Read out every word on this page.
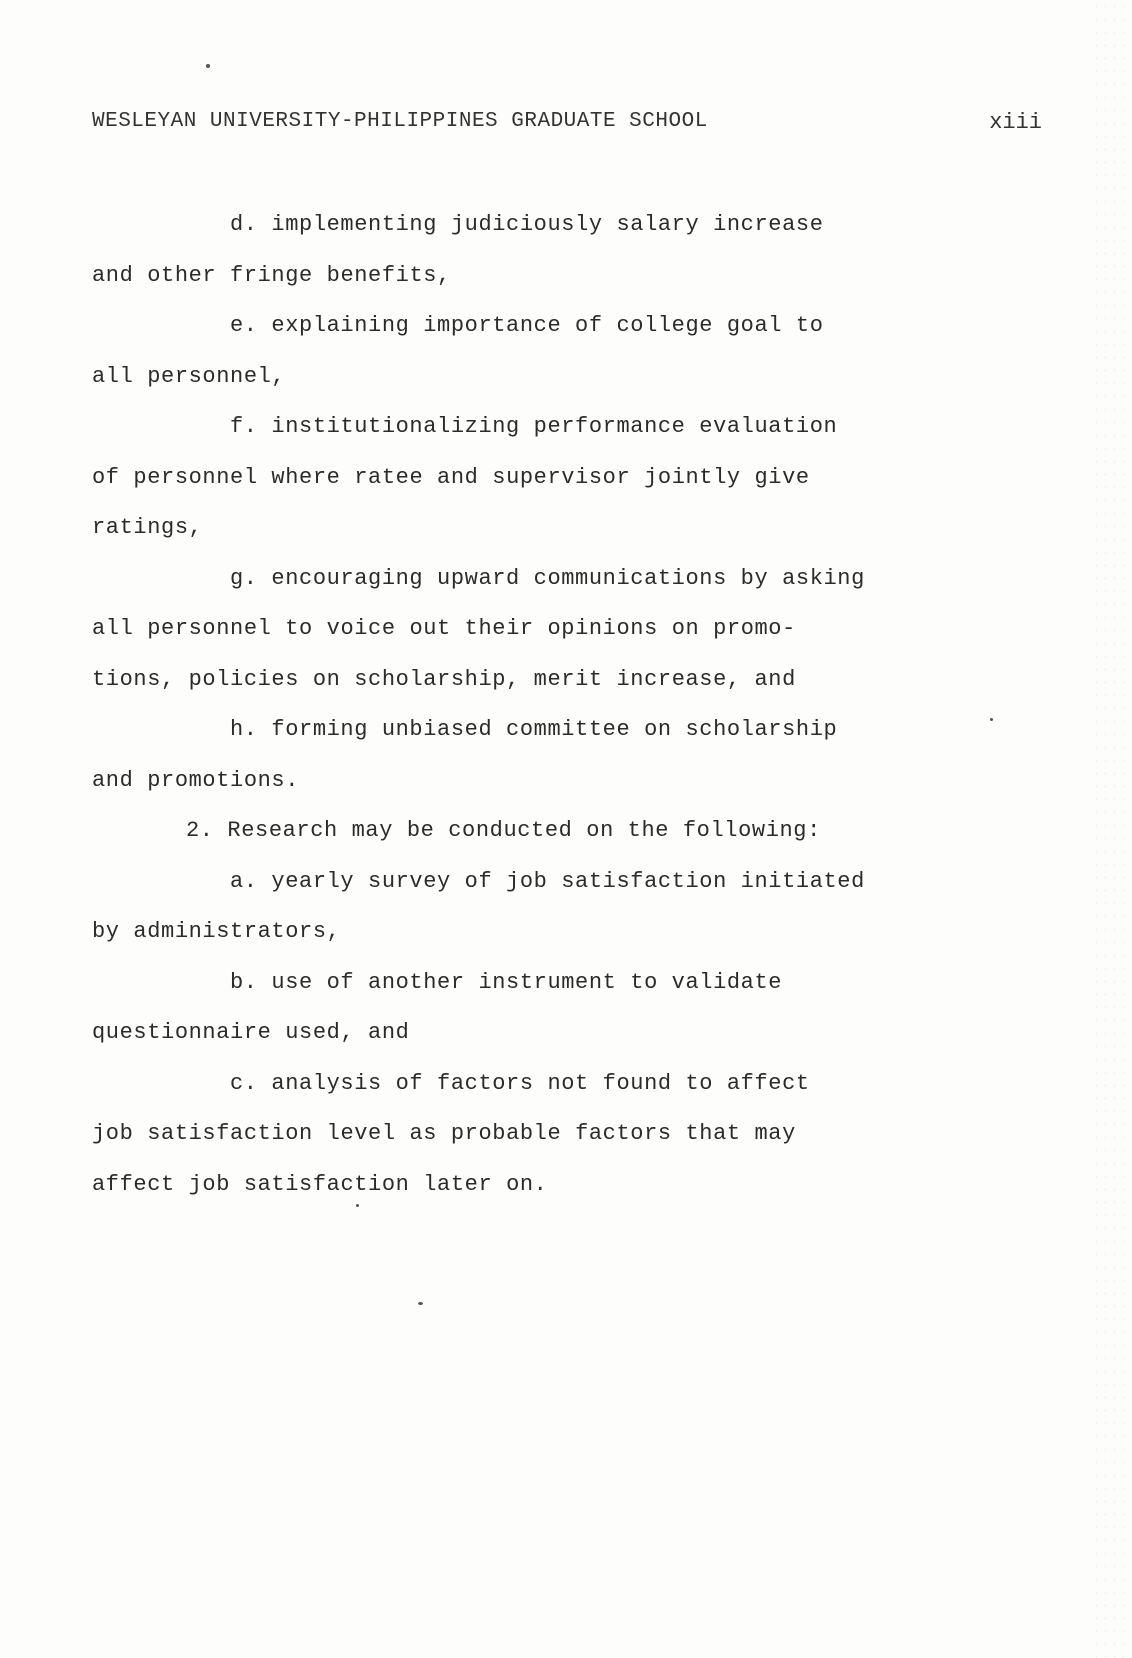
WESLEYAN UNIVERSITY-PHILIPPINES GRADUATE SCHOOL	xiii
d. implementing judiciously salary increase
and other fringe benefits,
e. explaining importance of college goal to
all personnel,
f. institutionalizing performance evaluation
of personnel where ratee and supervisor jointly give
ratings,
g. encouraging upward communications by asking
all personnel to voice out their opinions on promo-
tions, policies on scholarship, merit increase, and
h. forming unbiased committee on scholarship
and promotions.
2. Research may be conducted on the following:
a. yearly survey of job satisfaction initiated
by administrators,
b. use of another instrument to validate
questionnaire used, and
c. analysis of factors not found to affect
job satisfaction level as probable factors that may
affect job satisfaction later on.
